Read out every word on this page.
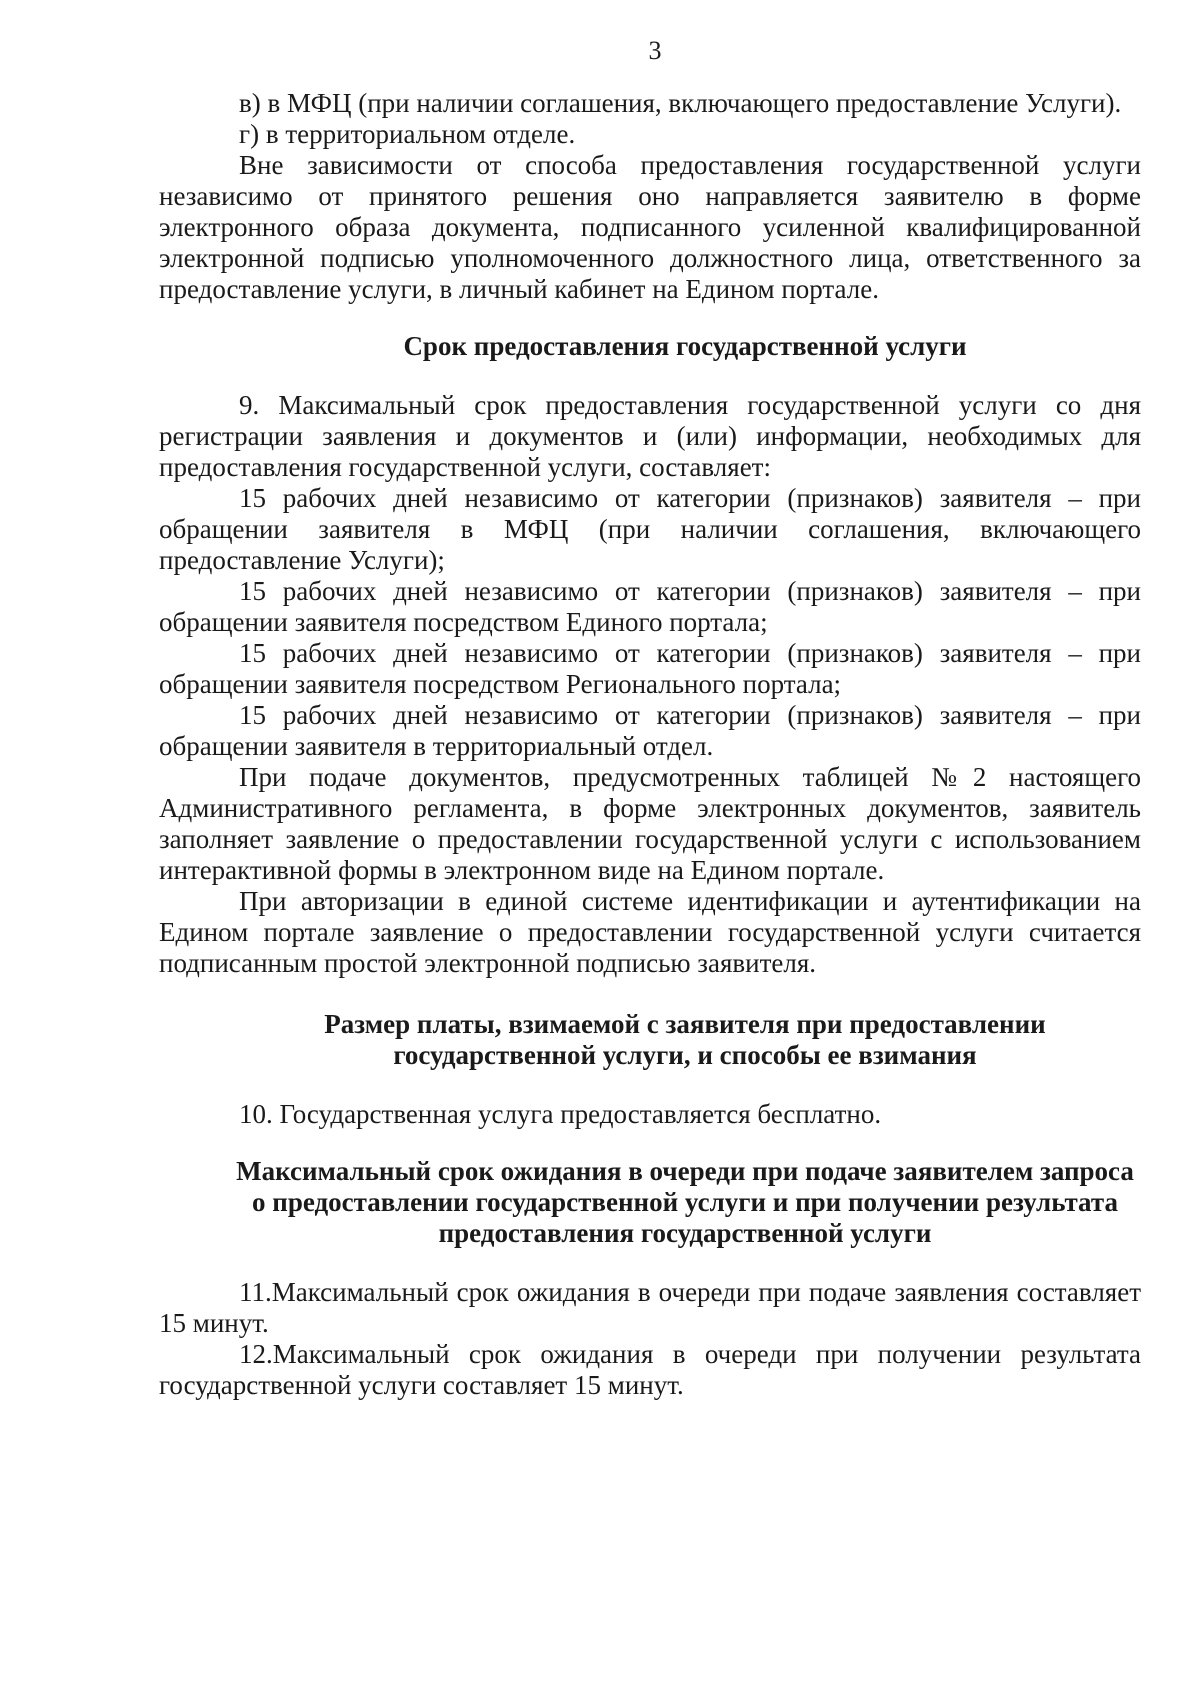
3

в) в МФЦ (при наличии соглашения, включающего предоставление Услуги).

г) в территориальном отделе.

Вне зависимости от способа предоставления государственной услуги независимо от принятого решения оно направляется заявителю в форме электронного образа документа, подписанного усиленной квалифицированной электронной подписью уполномоченного должностного лица, ответственного за предоставление услуги, в личный кабинет на Едином портале.

Срок предоставления государственной услуги

9. Максимальный срок предоставления государственной услуги со дня регистрации заявления и документов и (или) информации, необходимых для предоставления государственной услуги, составляет:

15 рабочих дней независимо от категории (признаков) заявителя – при обращении заявителя в МФЦ (при наличии соглашения, включающего предоставление Услуги);

15 рабочих дней независимо от категории (признаков) заявителя – при обращении заявителя посредством Единого портала;

15 рабочих дней независимо от категории (признаков) заявителя – при обращении заявителя посредством Регионального портала;

15 рабочих дней независимо от категории (признаков) заявителя – при обращении заявителя в территориальный отдел.

При подаче документов, предусмотренных таблицей №2 настоящего Административного регламента, в форме электронных документов, заявитель заполняет заявление о предоставлении государственной услуги с использованием интерактивной формы в электронном виде на Едином портале.

При авторизации в единой системе идентификации и аутентификации на Едином портале заявление о предоставлении государственной услуги считается подписанным простой электронной подписью заявителя.

Размер платы, взимаемой с заявителя при предоставлении государственной услуги, и способы ее взимания

10. Государственная услуга предоставляется бесплатно.

Максимальный срок ожидания в очереди при подаче заявителем запроса о предоставлении государственной услуги и при получении результата предоставления государственной услуги

11.Максимальный срок ожидания в очереди при подаче заявления составляет 15 минут.

12.Максимальный срок ожидания в очереди при получении результата государственной услуги составляет 15 минут.
